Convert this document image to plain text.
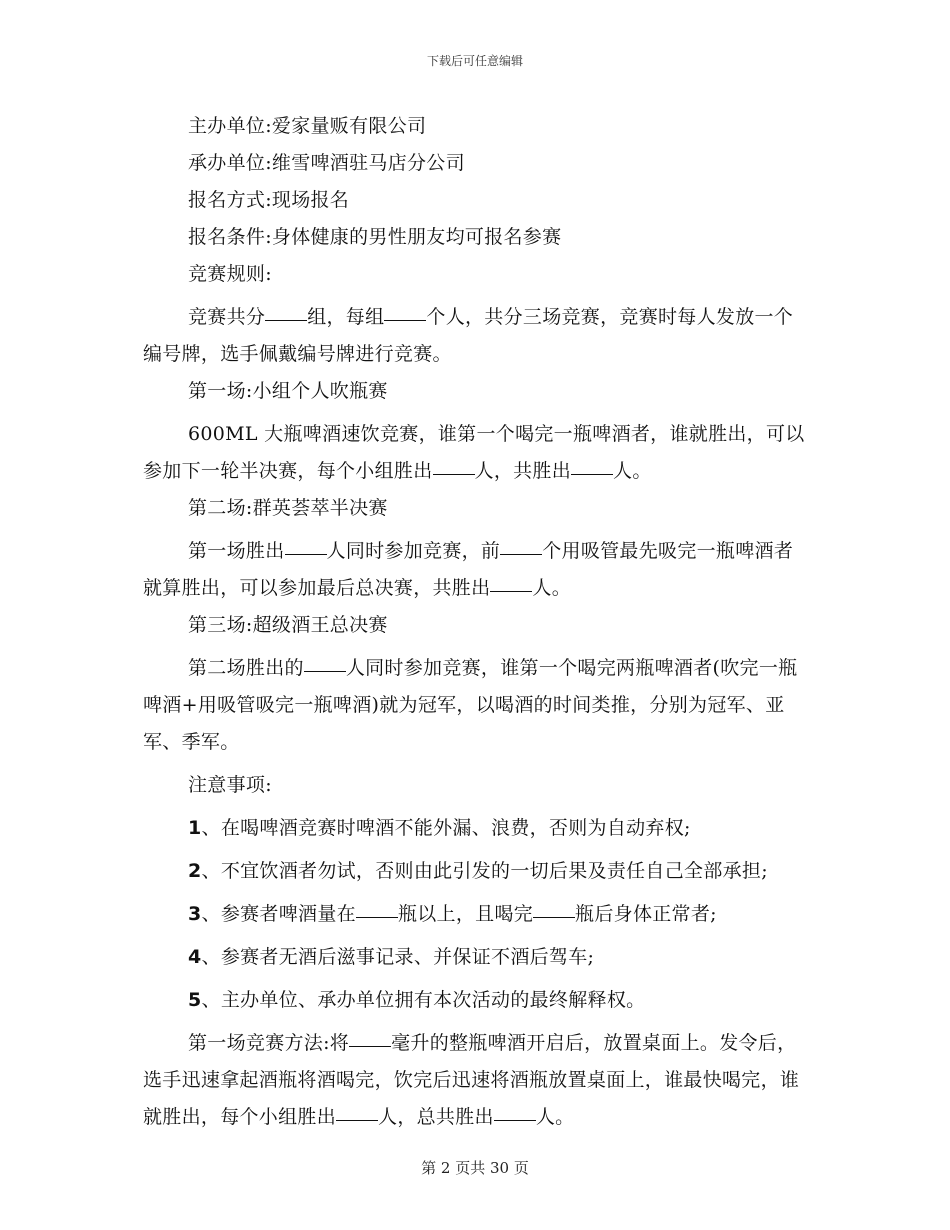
下载后可任意编辑

主办单位:爱家量贩有限公司

承办单位:维雪啤酒驻马店分公司

报名方式:现场报名

报名条件:身体健康的男性朋友均可报名参赛

竞赛规则:

竞赛共分 组，每组 个人，共分三场竞赛，竞赛时每人发放一个编号牌，选手佩戴编号牌进行竞赛。

第一场:小组个人吹瓶赛

600ML 大瓶啤酒速饮竞赛，谁第一个喝完一瓶啤酒者，谁就胜出，可以参加下一轮半决赛，每个小组胜出 人，共胜出 人。

第二场:群英荟萃半决赛

第一场胜出 人同时参加竞赛，前 个用吸管最先吸完一瓶啤酒者就算胜出，可以参加最后总决赛，共胜出 人。

第三场:超级酒王总决赛

第二场胜出的 人同时参加竞赛，谁第一个喝完两瓶啤酒者(吹完一瓶啤酒+用吸管吸完一瓶啤酒)就为冠军，以喝酒的时间类推，分别为冠军、亚军、季军。

注意事项:

1、在喝啤酒竞赛时啤酒不能外漏、浪费，否则为自动弃权;

2、不宜饮酒者勿试，否则由此引发的一切后果及责任自己全部承担;

3、参赛者啤酒量在 瓶以上，且喝完 瓶后身体正常者;

4、参赛者无酒后滋事记录、并保证不酒后驾车;

5、主办单位、承办单位拥有本次活动的最终解释权。

第一场竞赛方法:将 毫升的整瓶啤酒开启后，放置桌面上。发令后，选手迅速拿起酒瓶将酒喝完，饮完后迅速将酒瓶放置桌面上，谁最快喝完，谁就胜出，每个小组胜出 人，总共胜出 人。

第 2 页共 30 页
